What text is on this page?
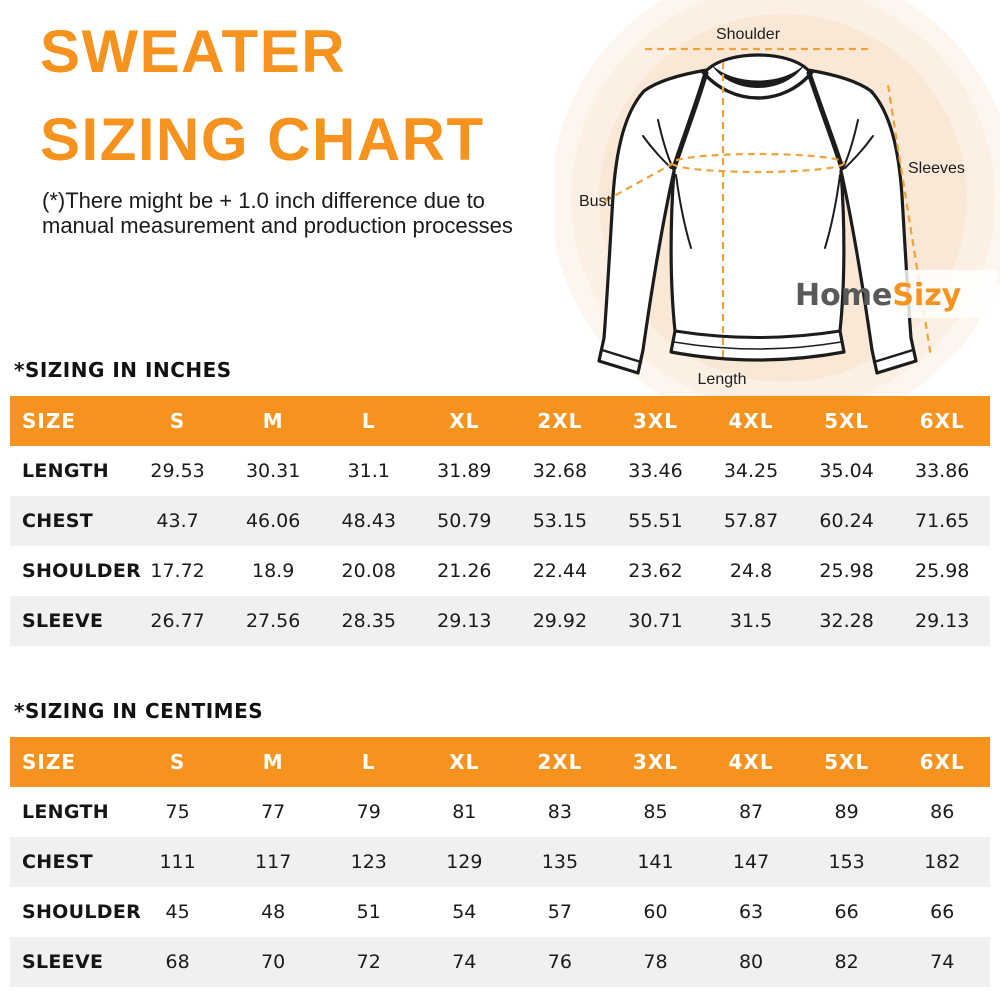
SWEATER
SIZING CHART

(*)There might be + 1.0 inch difference due to
manual measurement and production processes

Shoulder
Sleeves
Bust
Length
HomeSizy
*SIZING IN INCHES
SIZE	S	M	L	XL	2XL	3XL	4XL	5XL	6XL
LENGTH	29.53	30.31	31.1	31.89	32.68	33.46	34.25	35.04	33.86
CHEST	43.7	46.06	48.43	50.79	53.15	55.51	57.87	60.24	71.65
SHOULDER	17.72	18.9	20.08	21.26	22.44	23.62	24.8	25.98	25.98
SLEEVE	26.77	27.56	28.35	29.13	29.92	30.71	31.5	32.28	29.13
*SIZING IN CENTIMES
SIZE	S	M	L	XL	2XL	3XL	4XL	5XL	6XL
LENGTH	75	77	79	81	83	85	87	89	86
CHEST	111	117	123	129	135	141	147	153	182
SHOULDER	45	48	51	54	57	60	63	66	66
SLEEVE	68	70	72	74	76	78	80	82	74
